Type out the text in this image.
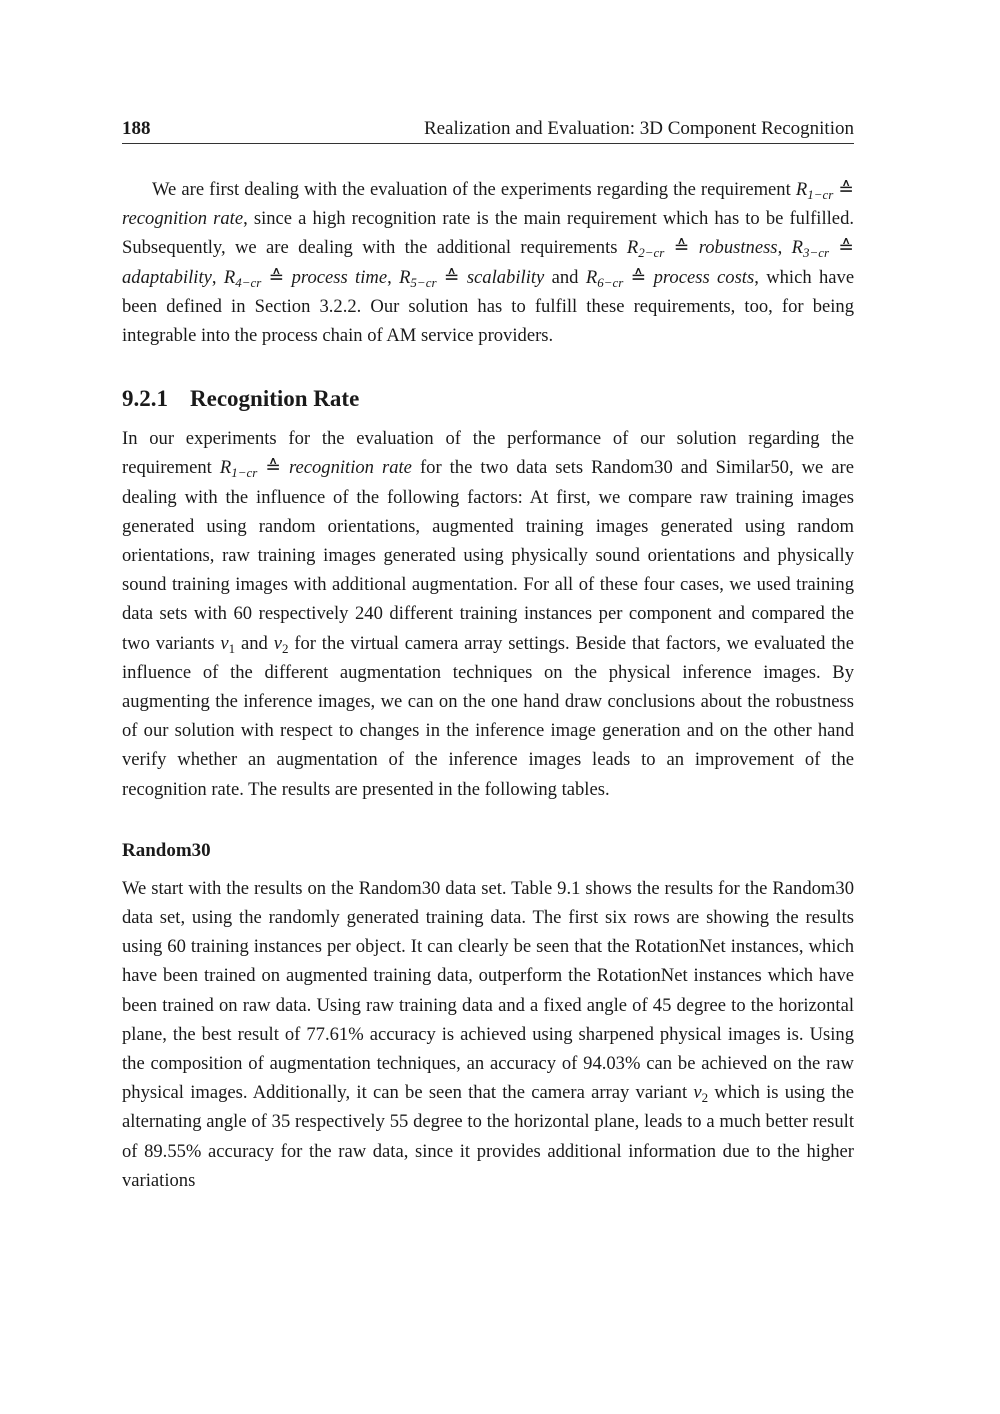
188	Realization and Evaluation: 3D Component Recognition

We are first dealing with the evaluation of the experiments regarding the requirement $R_{1-cr}$ ≙ recognition rate, since a high recognition rate is the main requirement which has to be fulfilled. Subsequently, we are dealing with the additional requirements $R_{2-cr}$ ≙ robustness, $R_{3-cr}$ ≙ adaptability, $R_{4-cr}$ ≙ process time, $R_{5-cr}$ ≙ scalability and $R_{6-cr}$ ≙ process costs, which have been defined in Section 3.2.2. Our solution has to fulfill these requirements, too, for being integrable into the process chain of AM service providers.

9.2.1 Recognition Rate

In our experiments for the evaluation of the performance of our solution regarding the requirement $R_{1-cr}$ ≙ recognition rate for the two data sets Random30 and Similar50, we are dealing with the influence of the following factors: At first, we compare raw training images generated using random orientations, augmented training images generated using random orientations, raw training images generated using physically sound orientations and physically sound training images with additional augmentation. For all of these four cases, we used training data sets with 60 respectively 240 different training instances per component and compared the two variants $v_1$ and $v_2$ for the virtual camera array settings. Beside that factors, we evaluated the influence of the different augmentation techniques on the physical inference images. By augmenting the inference images, we can on the one hand draw conclusions about the robustness of our solution with respect to changes in the inference image generation and on the other hand verify whether an augmentation of the inference images leads to an improvement of the recognition rate. The results are presented in the following tables.

Random30

We start with the results on the Random30 data set. Table 9.1 shows the results for the Random30 data set, using the randomly generated training data. The first six rows are showing the results using 60 training instances per object. It can clearly be seen that the RotationNet instances, which have been trained on augmented training data, outperform the RotationNet instances which have been trained on raw data. Using raw training data and a fixed angle of 45 degree to the horizontal plane, the best result of 77.61% accuracy is achieved using sharpened physical images is. Using the composition of augmentation techniques, an accuracy of 94.03% can be achieved on the raw physical images. Additionally, it can be seen that the camera array variant $v_2$ which is using the alternating angle of 35 respectively 55 degree to the horizontal plane, leads to a much better result of 89.55% accuracy for the raw data, since it provides additional information due to the higher variations
